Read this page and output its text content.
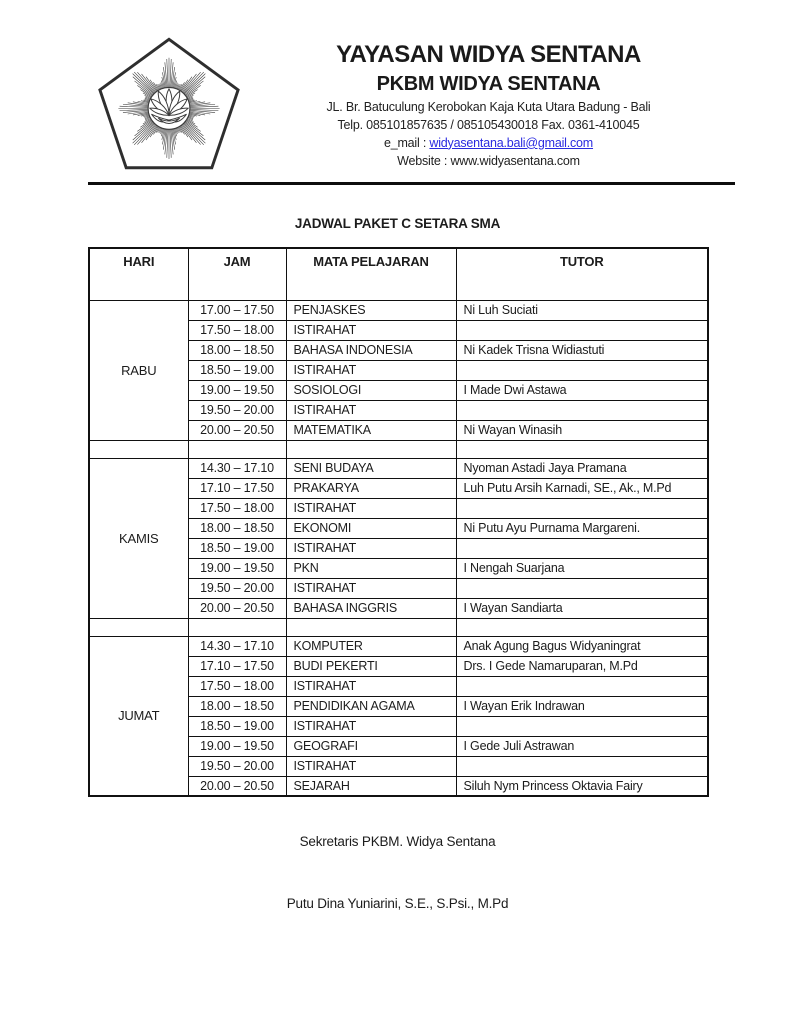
YAYASAN WIDYA SENTANA
PKBM WIDYA SENTANA
JL. Br. Batuculung Kerobokan Kaja Kuta Utara Badung - Bali
Telp. 085101857635 / 085105430018 Fax. 0361-410045
e_mail : widyasentana.bali@gmail.com
Website : www.widyasentana.com
JADWAL PAKET C SETARA SMA
HARI	JAM	MATA PELAJARAN	TUTOR
RABU	17.00 – 17.50	PENJASKES	Ni Luh Suciati
	17.50 – 18.00	ISTIRAHAT	
	18.00 – 18.50	BAHASA INDONESIA	Ni Kadek Trisna Widiastuti
	18.50 – 19.00	ISTIRAHAT	
	19.00 – 19.50	SOSIOLOGI	I Made Dwi Astawa
	19.50 – 20.00	ISTIRAHAT	
	20.00 – 20.50	MATEMATIKA	Ni Wayan Winasih

KAMIS	14.30 – 17.10	SENI BUDAYA	Nyoman Astadi Jaya Pramana
	17.10 – 17.50	PRAKARYA	Luh Putu Arsih Karnadi, SE., Ak., M.Pd
	17.50 – 18.00	ISTIRAHAT	
	18.00 – 18.50	EKONOMI	Ni Putu Ayu Purnama Margareni.
	18.50 – 19.00	ISTIRAHAT	
	19.00 – 19.50	PKN	I Nengah Suarjana
	19.50 – 20.00	ISTIRAHAT	
	20.00 – 20.50	BAHASA INGGRIS	I Wayan Sandiarta

JUMAT	14.30 – 17.10	KOMPUTER	Anak Agung Bagus Widyaningrat
	17.10 – 17.50	BUDI PEKERTI	Drs. I Gede Namaruparan, M.Pd
	17.50 – 18.00	ISTIRAHAT	
	18.00 – 18.50	PENDIDIKAN AGAMA	I Wayan Erik Indrawan
	18.50 – 19.00	ISTIRAHAT	
	19.00 – 19.50	GEOGRAFI	I Gede Juli Astrawan
	19.50 – 20.00	ISTIRAHAT	
	20.00 – 20.50	SEJARAH	Siluh Nym Princess Oktavia Fairy
Sekretaris PKBM. Widya Sentana
Putu Dina Yuniarini, S.E., S.Psi., M.Pd
